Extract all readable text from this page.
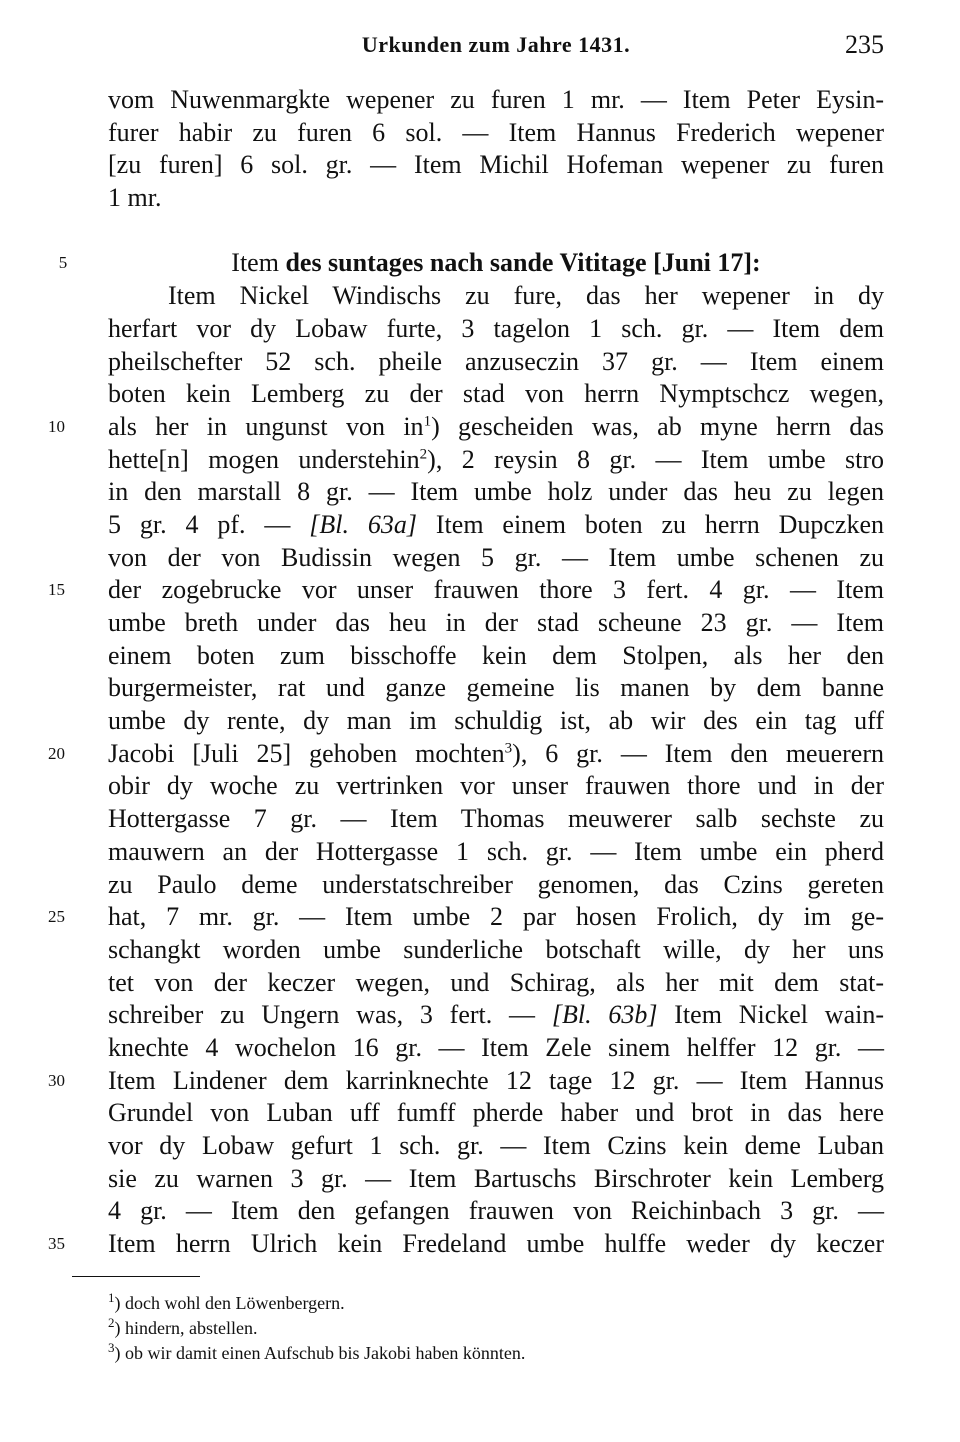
Urkunden zum Jahre 1431.	235
vom Nuwenmargkte wepener zu furen 1 mr. — Item Peter Eysin-
furer habir zu furen 6 sol. — Item Hannus Frederich wepener
[zu furen] 6 sol. gr. — Item Michil Hofeman wepener zu furen
1 mr.
5	Item des suntages nach sande Vititage [Juni 17]:
Item Nickel Windischs zu fure, das her wepener in dy
herfart vor dy Lobaw furte, 3 tagelon 1 sch. gr. — Item dem
pheilschefter 52 sch. pheile anzuseczin 37 gr. — Item einem
boten kein Lemberg zu der stad von herrn Nymptschcz wegen,
10	als her in ungunst von $in^1$) gescheiden was, ab myne herrn das
hette[n] mogen understehin$^2$), 2 reysin 8 gr. — Item umbe stro
in den marstall 8 gr. — Item umbe holz under das heu zu legen
5 gr. 4 pf. — [Bl. 63a] Item einem boten zu herrn Dupczken
von der von Budissin wegen 5 gr. — Item umbe schenen zu
15	der zogebrucke vor unser frauwen thore 3 fert. 4 gr. — Item
umbe breth under das heu in der stad scheune 23 gr. — Item
einem boten zum bisschoffe kein dem Stolpen, als her den
burgermeister, rat und ganze gemeine lis manen by dem banne
umbe dy rente, dy man im schuldig ist, ab wir des ein tag uff
20	Jacobi [Juli 25] gehoben mochten$^3$), 6 gr. — Item den meuerern
obir dy woche zu vertrinken vor unser frauwen thore und in der
Hottergasse 7 gr. — Item Thomas meuwerer salb sechste zu
mauwern an der Hottergasse 1 sch. gr. — Item umbe ein pherd
zu Paulo deme understatschreiber genomen, das Czins gereten
25	hat, 7 mr. gr. — Item umbe 2 par hosen Frolich, dy im ge-
schangkt worden umbe sunderliche botschaft wille, dy her uns
tet von der keczer wegen, und Schirag, als her mit dem stat-
schreiber zu Ungern was, 3 fert. — [Bl. 63b] Item Nickel wain-
knechte 4 wochelon 16 gr. — Item Zele sinem helffer 12 gr. —
30	Item Lindener dem karrinknechte 12 tage 12 gr. — Item Hannus
Grundel von Luban uff fumff pherde haber und brot in das here
vor dy Lobaw gefurt 1 sch. gr. — Item Czins kein deme Luban
sie zu warnen 3 gr. — Item Bartuschs Birschroter kein Lemberg
4 gr. — Item den gefangen frauwen von Reichinbach 3 gr. —
35	Item herrn Ulrich kein Fredeland umbe hulffe weder dy keczer
$^1$) doch wohl den Löwenbergern.
$^2$) hindern, abstellen.
$^3$) ob wir damit einen Aufschub bis Jakobi haben könnten.
